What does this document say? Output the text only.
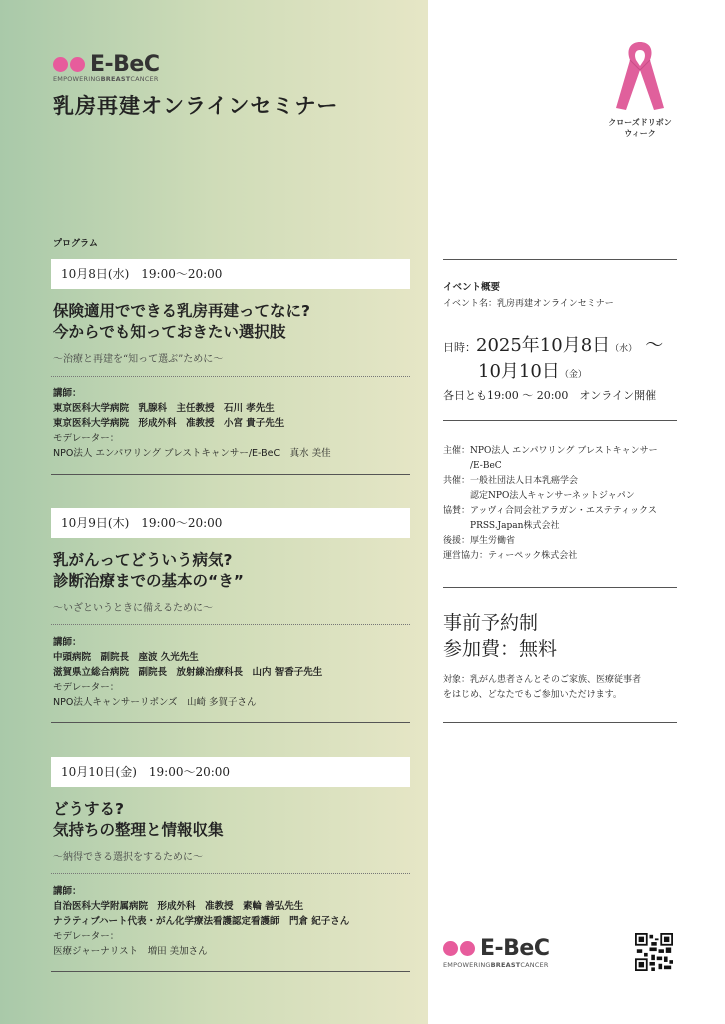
E-BeC
EMPOWERINGBREASTCANCER
乳房再建オンラインセミナー
クローズドリボン
ウィーク
プログラム
10月8日(水)　19:00～20:00
保険適用でできる乳房再建ってなに?
今からでも知っておきたい選択肢
～治療と再建を“知って選ぶ”ために～
講師：
東京医科大学病院　乳腺科　主任教授　石川 孝先生
東京医科大学病院　形成外科　准教授　小宮 貴子先生
モデレーター：
NPO法人 エンパワリング ブレストキャンサー/E-BeC　真水 美佳
10月9日(木)　19:00～20:00
乳がんってどういう病気?
診断治療までの基本の“き”
～いざというときに備えるために～
講師：
中頭病院　副院長　座波 久光先生
滋賀県立総合病院　副院長　放射線治療科長　山内 智香子先生
モデレーター：
NPO法人キャンサーリボンズ　山崎 多賀子さん
10月10日(金)　19:00～20:00
どうする?
気持ちの整理と情報収集
～納得できる選択をするために～
講師：
自治医科大学附属病院　形成外科　准教授　素輪 善弘先生
ナラティブハート代表・がん化学療法看護認定看護師　門倉 紀子さん
モデレーター：
医療ジャーナリスト　増田 美加さん
イベント概要
イベント名：乳房再建オンラインセミナー
日時： 2025年10月8日 （水） ～
10月10日 （金）
各日とも19:00 ～ 20:00　オンライン開催
主催： NPO法人 エンパワリング ブレストキャンサー
/E-BeC
共催： 一般社団法人日本乳癌学会
認定NPO法人キャンサーネットジャパン
協賛： アッヴィ合同会社アラガン・エステティックス
PRSS.Japan株式会社
後援： 厚生労働省
運営協力： ティーペック株式会社
事前予約制
参加費：無料
対象：乳がん患者さんとそのご家族、医療従事者
をはじめ、どなたでもご参加いただけます。
E-BeC
EMPOWERINGBREASTCANCER
